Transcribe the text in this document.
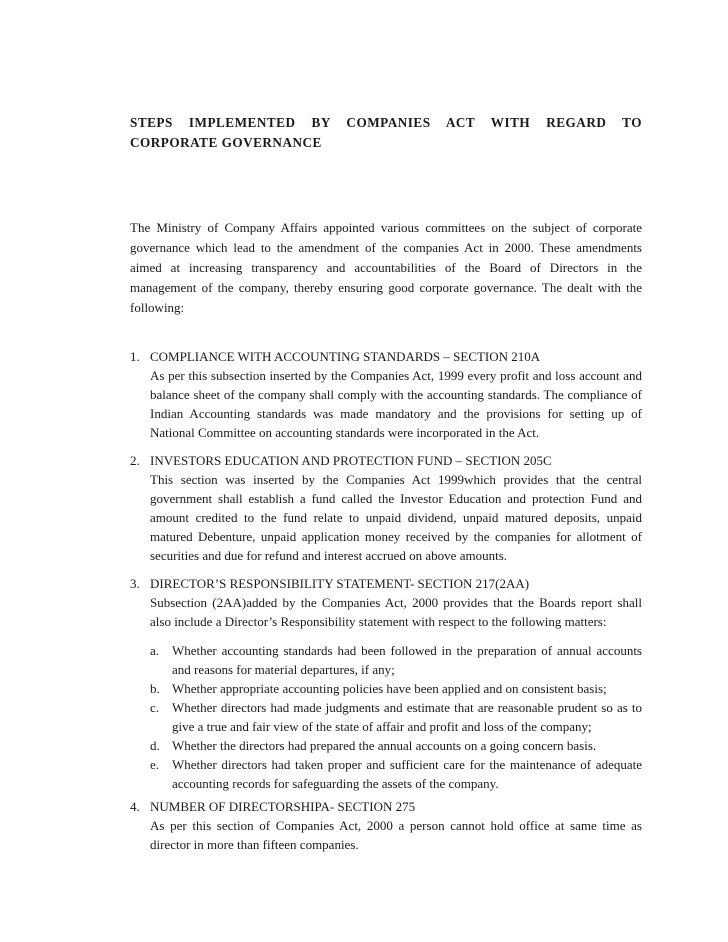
STEPS IMPLEMENTED BY COMPANIES ACT WITH REGARD TO CORPORATE GOVERNANCE

The Ministry of Company Affairs appointed various committees on the subject of corporate governance which lead to the amendment of the companies Act in 2000. These amendments aimed at increasing transparency and accountabilities of the Board of Directors in the management of the company, thereby ensuring good corporate governance. The dealt with the following:

1. COMPLIANCE WITH ACCOUNTING STANDARDS – SECTION 210A

As per this subsection inserted by the Companies Act, 1999 every profit and loss account and balance sheet of the company shall comply with the accounting standards. The compliance of Indian Accounting standards was made mandatory and the provisions for setting up of National Committee on accounting standards were incorporated in the Act.

2. INVESTORS EDUCATION AND PROTECTION FUND – SECTION 205C

This section was inserted by the Companies Act 1999which provides that the central government shall establish a fund called the Investor Education and protection Fund and amount credited to the fund relate to unpaid dividend, unpaid matured deposits, unpaid matured Debenture, unpaid application money received by the companies for allotment of securities and due for refund and interest accrued on above amounts.

3. DIRECTOR’S RESPONSIBILITY STATEMENT- SECTION 217(2AA)

Subsection (2AA)added by the Companies Act, 2000 provides that the Boards report shall also include a Director’s Responsibility statement with respect to the following matters:

a. Whether accounting standards had been followed in the preparation of annual accounts and reasons for material departures, if any;
b. Whether appropriate accounting policies have been applied and on consistent basis;
c. Whether directors had made judgments and estimate that are reasonable prudent so as to give a true and fair view of the state of affair and profit and loss of the company;
d. Whether the directors had prepared the annual accounts on a going concern basis.
e. Whether directors had taken proper and sufficient care for the maintenance of adequate accounting records for safeguarding the assets of the company.
4. NUMBER OF DIRECTORSHIPA- SECTION 275

As per this section of Companies Act, 2000 a person cannot hold office at same time as director in more than fifteen companies.
